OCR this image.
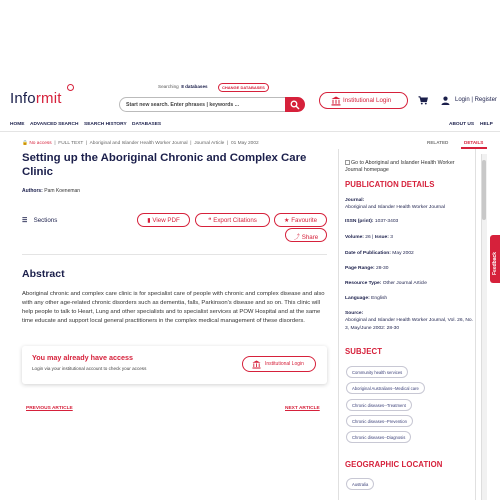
Informit
Searching 8 databases	CHANGE DATABASES
Start new search. Enter phrases | keywords ...
Institutional Login	Login | Register
HOME ADVANCED SEARCH SEARCH HISTORY DATABASES	ABOUT US HELP
🔒 No access  |  FULL TEXT  |  Aboriginal and Islander Health Worker Journal  |  Journal Article  |  01 May 2002
Setting up the Aboriginal Chronic and Complex Care Clinic
Authors: Pam Koeneman
☰ Sections	▮ View PDF	❝ Export Citations	★ Favourite
⤴ Share
Abstract
Aboriginal chronic and complex care clinic is for specialist care of people with chronic and complex disease and also with any other age-related chronic disorders such as dementia, falls, Parkinson's disease and so on. This clinic will help people to talk to Heart, Lung and other specialists and to specialist services at POW Hospital and at the same time educate and support local general practitioners in the complex medical management of these disorders.
You may already have access
Login via your institutional account to check your access
Institutional Login
PREVIOUS ARTICLE	NEXT ARTICLE
RELATED	DETAILS
Go to Aboriginal and Islander Health Worker Journal homepage
PUBLICATION DETAILS
Journal:
Aboriginal and Islander Health Worker Journal
ISSN (print): 1037-3403
Volume: 26 | Issue: 3
Date of Publication: May 2002
Page Range: 28-30
Resource Type: Other Journal Article
Language: English
Source:
Aboriginal and Islander Health Worker Journal, Vol. 26, No. 3, May/June 2002: 28-30
SUBJECT
Community health services
Aboriginal Australians--Medical care
Chronic diseases--Treatment
Chronic diseases--Prevention
Chronic diseases--Diagnosis
GEOGRAPHIC LOCATION
Australia
Feedback
